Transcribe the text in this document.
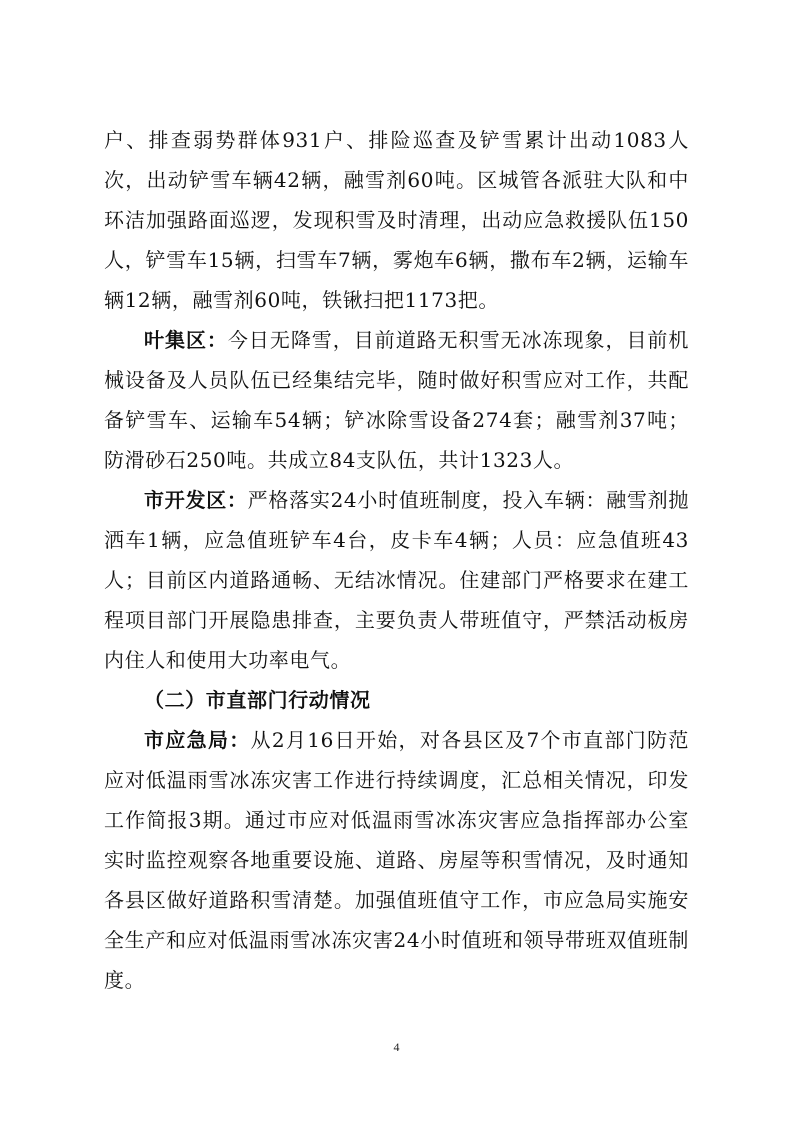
户、排查弱势群体931户、排险巡查及铲雪累计出动1083人次，出动铲雪车辆42辆，融雪剂60吨。区城管各派驻大队和中环洁加强路面巡逻，发现积雪及时清理，出动应急救援队伍150人，铲雪车15辆，扫雪车7辆，雾炮车6辆，撒布车2辆，运输车辆12辆，融雪剂60吨，铁锹扫把1173把。

叶集区：今日无降雪，目前道路无积雪无冰冻现象，目前机械设备及人员队伍已经集结完毕，随时做好积雪应对工作，共配备铲雪车、运输车54辆；铲冰除雪设备274套；融雪剂37吨；防滑砂石250吨。共成立84支队伍，共计1323人。

市开发区：严格落实24小时值班制度，投入车辆：融雪剂抛洒车1辆，应急值班铲车4台，皮卡车4辆；人员：应急值班43人；目前区内道路通畅、无结冰情况。住建部门严格要求在建工程项目部门开展隐患排查，主要负责人带班值守，严禁活动板房内住人和使用大功率电气。

（二）市直部门行动情况

市应急局：从2月16日开始，对各县区及7个市直部门防范应对低温雨雪冰冻灾害工作进行持续调度，汇总相关情况，印发工作简报3期。通过市应对低温雨雪冰冻灾害应急指挥部办公室实时监控观察各地重要设施、道路、房屋等积雪情况，及时通知各县区做好道路积雪清楚。加强值班值守工作，市应急局实施安全生产和应对低温雨雪冰冻灾害24小时值班和领导带班双值班制度。

4
